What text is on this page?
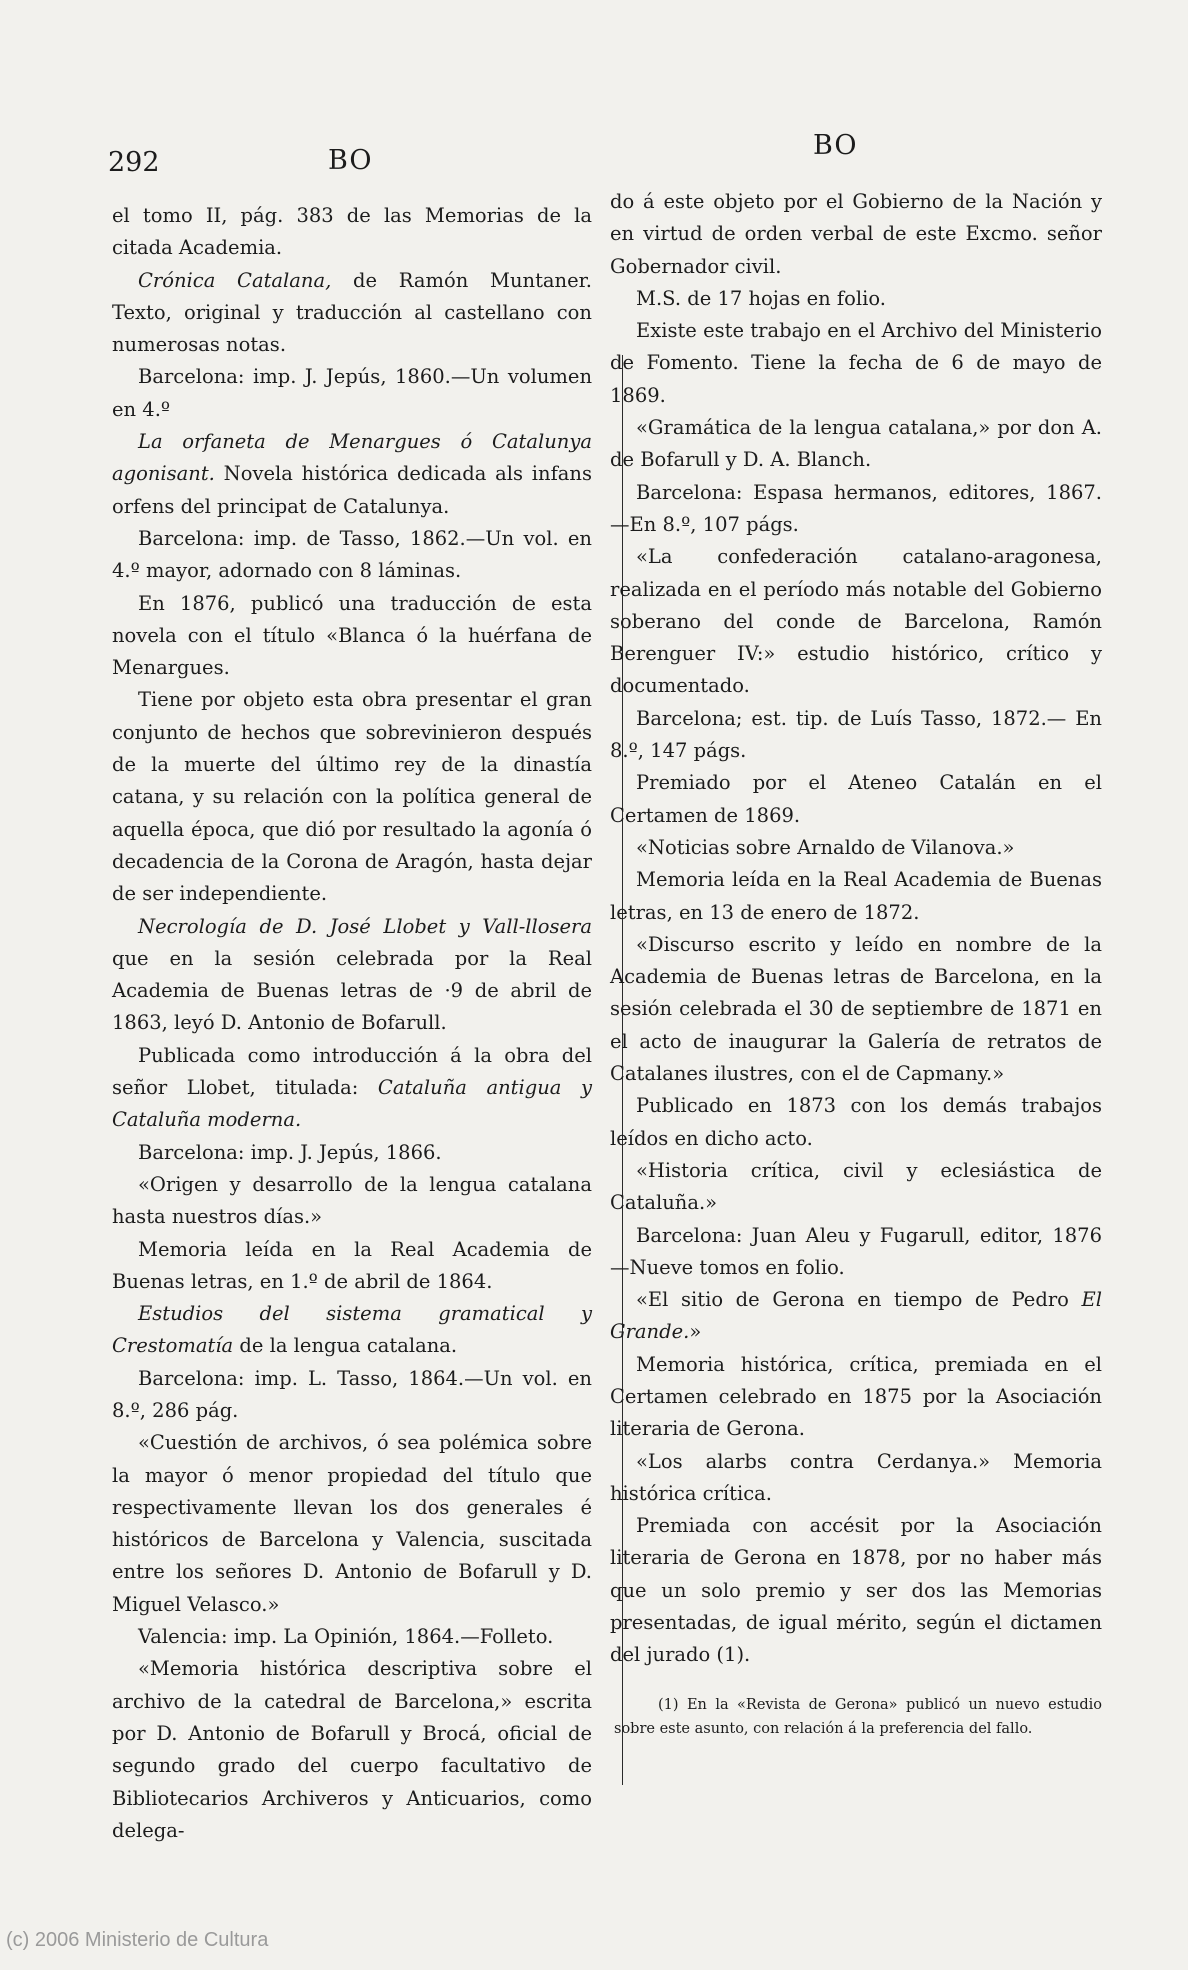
292	BO	BO

el tomo II, pág. 383 de las Memorias de la citada Academia.

Crónica Catalana, de Ramón Muntaner. Texto, original y traducción al castellano con numerosas notas.

Barcelona: imp. J. Jepús, 1860.—Un volumen en 4.º

La orfaneta de Menargues ó Catalunya agonisant. Novela histórica dedicada als infans orfens del principat de Catalunya.

Barcelona: imp. de Tasso, 1862.—Un vol. en 4.º mayor, adornado con 8 láminas.

En 1876, publicó una traducción de esta novela con el título «Blanca ó la huérfana de Menargues.

Tiene por objeto esta obra presentar el gran conjunto de hechos que sobrevinieron después de la muerte del último rey de la dinastía catana, y su relación con la política general de aquella época, que dió por resultado la agonía ó decadencia de la Corona de Aragón, hasta dejar de ser independiente.

Necrología de D. José Llobet y Vall-llosera que en la sesión celebrada por la Real Academia de Buenas letras de ·9 de abril de 1863, leyó D. Antonio de Bofarull.

Publicada como introducción á la obra del señor Llobet, titulada: Cataluña antigua y Cataluña moderna.

Barcelona: imp. J. Jepús, 1866.

«Origen y desarrollo de la lengua catalana hasta nuestros días.»

Memoria leída en la Real Academia de Buenas letras, en 1.º de abril de 1864.

Estudios del sistema gramatical y Crestomatía de la lengua catalana.

Barcelona: imp. L. Tasso, 1864.—Un vol. en 8.º, 286 pág.

«Cuestión de archivos, ó sea polémica sobre la mayor ó menor propiedad del título que respectivamente llevan los dos generales é históricos de Barcelona y Valencia, suscitada entre los señores D. Antonio de Bofarull y D. Miguel Velasco.»

Valencia: imp. La Opinión, 1864.—Folleto.

«Memoria histórica descriptiva sobre el archivo de la catedral de Barcelona,» escrita por D. Antonio de Bofarull y Brocá, oficial de segundo grado del cuerpo facultativo de Bibliotecarios Archiveros y Anticuarios, como delega-

do á este objeto por el Gobierno de la Nación y en virtud de orden verbal de este Excmo. señor Gobernador civil.

M.S. de 17 hojas en folio.

Existe este trabajo en el Archivo del Ministerio de Fomento. Tiene la fecha de 6 de mayo de 1869.

«Gramática de la lengua catalana,» por don A. de Bofarull y D. A. Blanch.

Barcelona: Espasa hermanos, editores, 1867. —En 8.º, 107 págs.

«La confederación catalano-aragonesa, realizada en el período más notable del Gobierno soberano del conde de Barcelona, Ramón Berenguer IV:» estudio histórico, crítico y documentado.

Barcelona; est. tip. de Luís Tasso, 1872.— En 8.º, 147 págs.

Premiado por el Ateneo Catalán en el Certamen de 1869.

«Noticias sobre Arnaldo de Vilanova.»

Memoria leída en la Real Academia de Buenas letras, en 13 de enero de 1872.

«Discurso escrito y leído en nombre de la Academia de Buenas letras de Barcelona, en la sesión celebrada el 30 de septiembre de 1871 en el acto de inaugurar la Galería de retratos de Catalanes ilustres, con el de Capmany.»

Publicado en 1873 con los demás trabajos leídos en dicho acto.

«Historia crítica, civil y eclesiástica de Cataluña.»

Barcelona: Juan Aleu y Fugarull, editor, 1876 —Nueve tomos en folio.

«El sitio de Gerona en tiempo de Pedro El Grande.»

Memoria histórica, crítica, premiada en el Certamen celebrado en 1875 por la Asociación literaria de Gerona.

«Los alarbs contra Cerdanya.» Memoria histórica crítica.

Premiada con accésit por la Asociación literaria de Gerona en 1878, por no haber más que un solo premio y ser dos las Memorias presentadas, de igual mérito, según el dictamen del jurado (1).

(1) En la «Revista de Gerona» publicó un nuevo estudio sobre este asunto, con relación á la preferencia del fallo.

(c) 2006 Ministerio de Cultura
